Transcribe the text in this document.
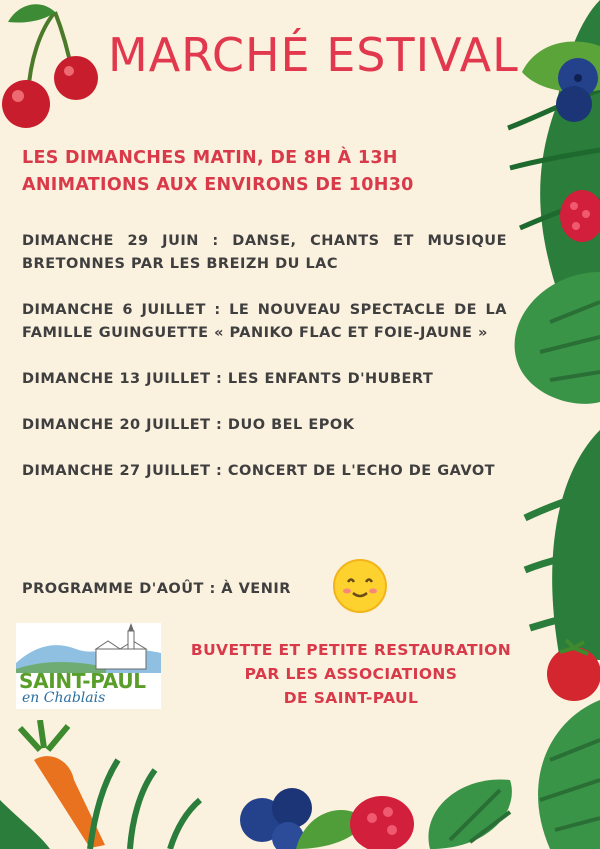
MARCHÉ ESTIVAL
LES DIMANCHES MATIN, DE 8H À 13H
ANIMATIONS AUX ENVIRONS DE 10H30
DIMANCHE 29 JUIN : DANSE, CHANTS ET MUSIQUE BRETONNES PAR LES BREIZH DU LAC
DIMANCHE 6 JUILLET : LE NOUVEAU SPECTACLE DE LA FAMILLE GUINGUETTE « PANIKO FLAC ET FOIE-JAUNE »
DIMANCHE 13 JUILLET : LES ENFANTS D'HUBERT
DIMANCHE 20 JUILLET : DUO BEL EPOK
DIMANCHE 27 JUILLET : CONCERT DE L'ECHO DE GAVOT
PROGRAMME D'AOÛT : À VENIR
SAINT-PAUL
en Chablais
BUVETTE ET PETITE RESTAURATION
PAR LES ASSOCIATIONS
DE SAINT-PAUL
